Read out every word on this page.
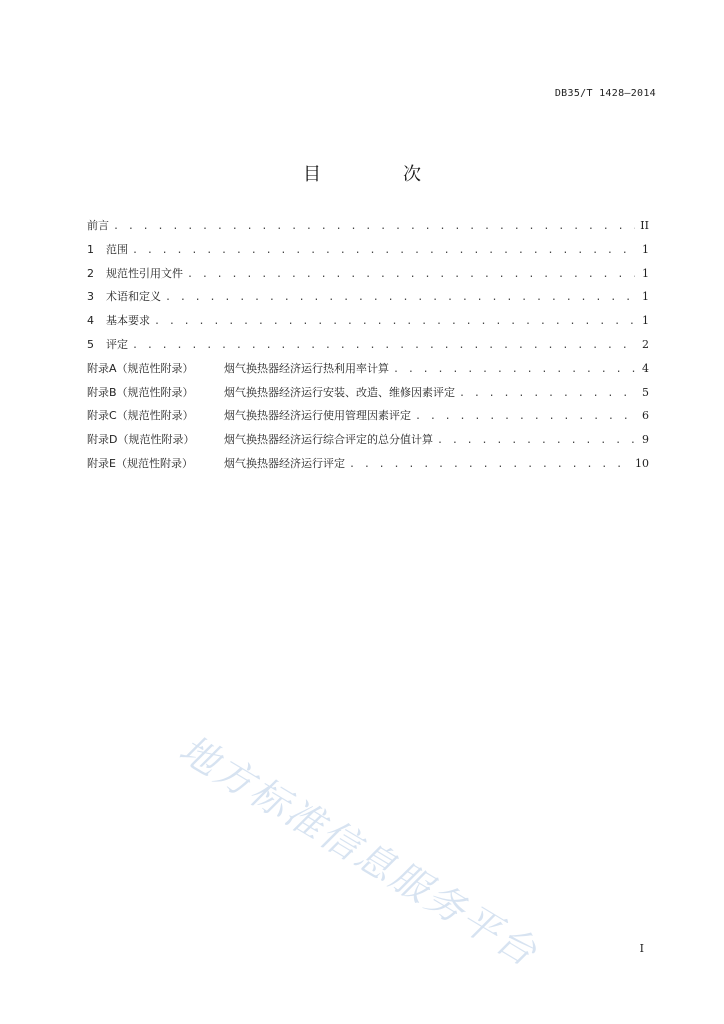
DB35/T 1428—2014
目　次
前言 . . .	II
1	范围 . . .	1
2	规范性引用文件 . . .	1
3	术语和定义 . . .	1
4	基本要求 . . .	1
5	评定 . . .	2
附录A（规范性附录）	烟气换热器经济运行热利用率计算 . . .	4
附录B（规范性附录）	烟气换热器经济运行安装、改造、维修因素评定 . . .	5
附录C（规范性附录）	烟气换热器经济运行使用管理因素评定 . . .	6
附录D（规范性附录）	烟气换热器经济运行综合评定的总分值计算 . . .	9
附录E（规范性附录）	烟气换热器经济运行评定 . . .	10
地方标准信息服务平台	I
